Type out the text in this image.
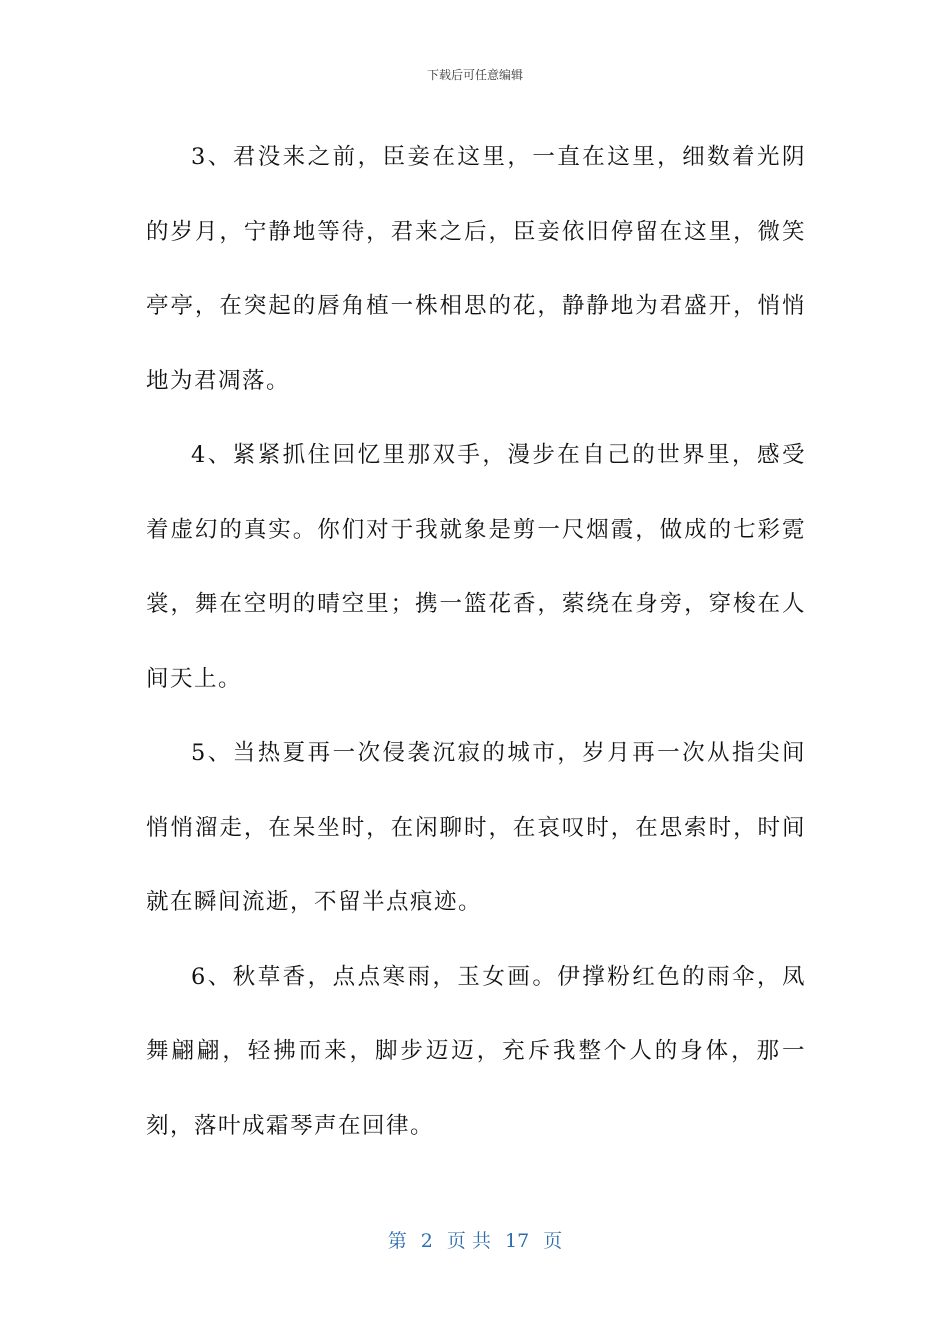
下载后可任意编辑

3、君没来之前，臣妾在这里，一直在这里，细数着光阴的岁月，宁静地等待，君来之后，臣妾依旧停留在这里，微笑亭亭，在突起的唇角植一株相思的花，静静地为君盛开，悄悄地为君凋落。

4、紧紧抓住回忆里那双手，漫步在自己的世界里，感受着虚幻的真实。你们对于我就象是剪一尺烟霞，做成的七彩霓裳，舞在空明的晴空里；携一篮花香，萦绕在身旁，穿梭在人间天上。

5、当热夏再一次侵袭沉寂的城市，岁月再一次从指尖间悄悄溜走，在呆坐时，在闲聊时，在哀叹时，在思索时，时间就在瞬间流逝，不留半点痕迹。

6、秋草香，点点寒雨，玉女画。伊撑粉红色的雨伞，凤舞翩翩，轻拂而来，脚步迈迈，充斥我整个人的身体，那一刻，落叶成霜琴声在回律。

第 2 页 共 17 页
